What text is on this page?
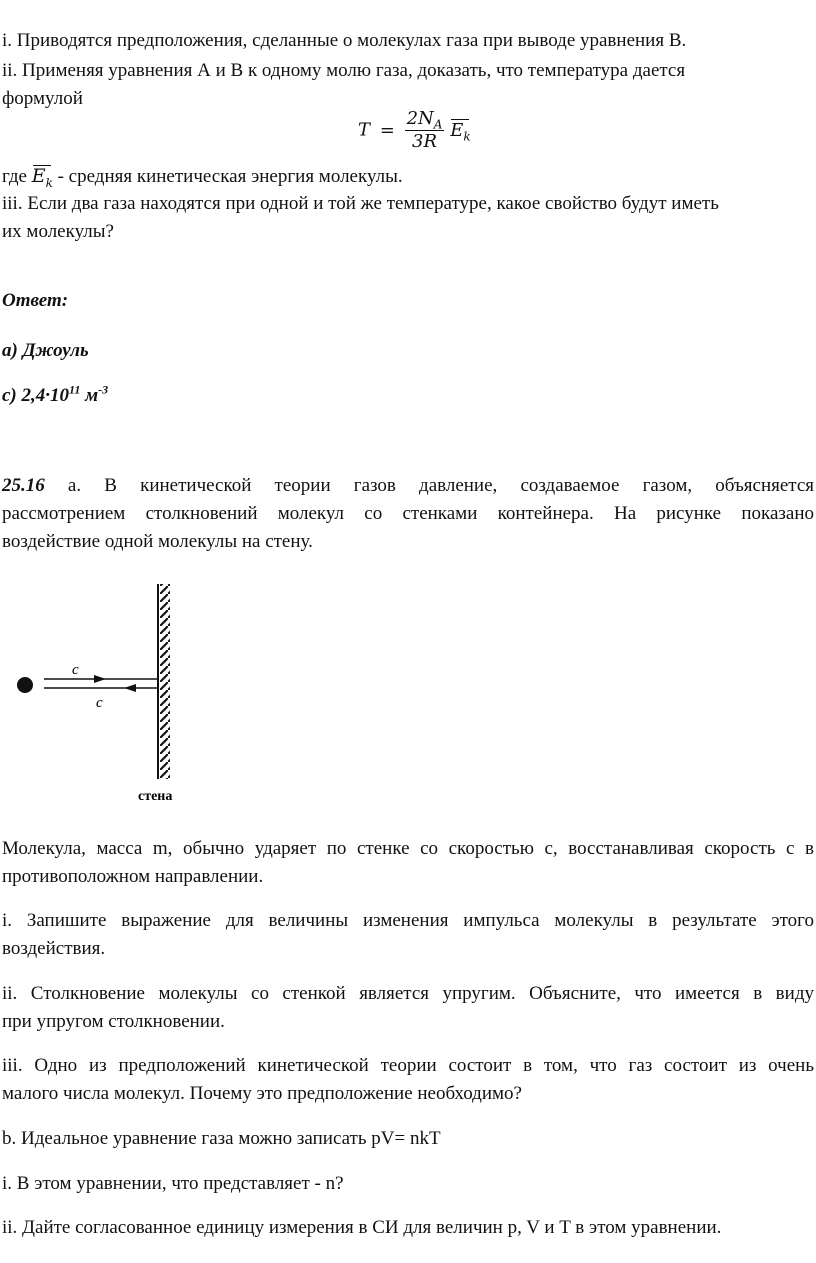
i. Приводятся предположения, сделанные о молекулах газа при выводе уравнения В.
ii. Применяя уравнения А и В к одному молю газа, доказать, что температура дается
формулой
$T = \frac{2N_A}{3R} E_k$
где $E_k$ - средняя кинетическая энергия молекулы.
iii. Если два газа находятся при одной и той же температуре, какое свойство будут иметь
их молекулы?
Ответ:
а) Джоуль
с) $2,4\cdot 10^{11}$ $м^{-3}$
25.16 а. В кинетической теории газов давление, создаваемое газом, объясняется
рассмотрением столкновений молекул со стенками контейнера. На рисунке показано
воздействие одной молекулы на стену.
c
c
стена
Молекула, масса m, обычно ударяет по стенке со скоростью с, восстанавливая скорость с в
противоположном направлении.
i. Запишите выражение для величины изменения импульса молекулы в результате этого
воздействия.
ii. Столкновение молекулы со стенкой является упругим. Объясните, что имеется в виду
при упругом столкновении.
iii. Одно из предположений кинетической теории состоит в том, что газ состоит из очень
малого числа молекул. Почему это предположение необходимо?
b. Идеальное уравнение газа можно записать pV= nkT
i. В этом уравнении, что представляет - n?
ii. Дайте согласованное единицу измерения в СИ для величин p, V и T в этом уравнении.
